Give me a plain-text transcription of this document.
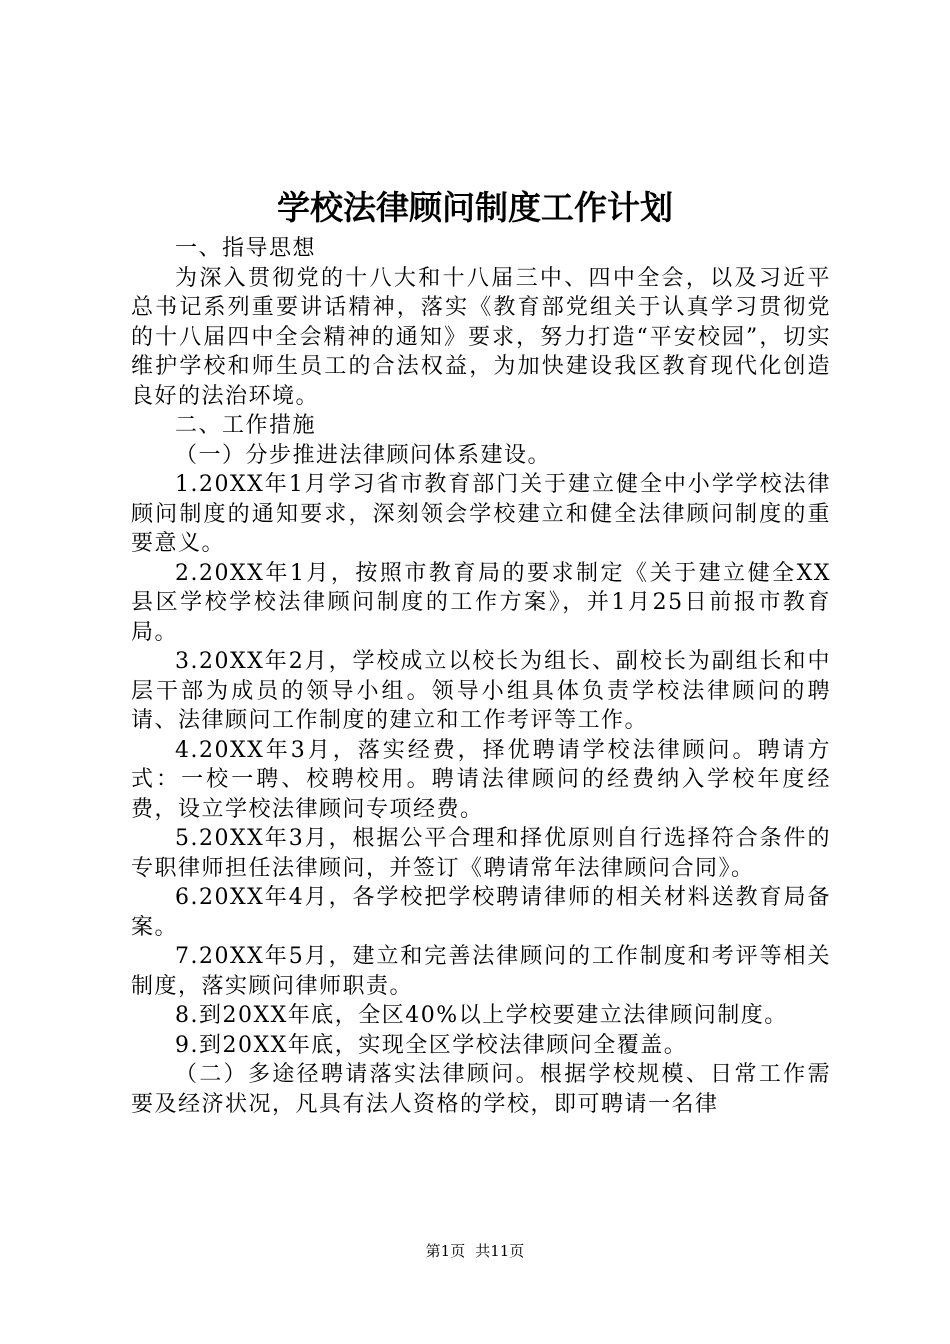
学校法律顾问制度工作计划

一、指导思想

为深入贯彻党的十八大和十八届三中、四中全会，以及习近平总书记系列重要讲话精神，落实《教育部党组关于认真学习贯彻党的十八届四中全会精神的通知》要求，努力打造“平安校园”，切实维护学校和师生员工的合法权益，为加快建设我区教育现代化创造良好的法治环境。

二、工作措施

（一）分步推进法律顾问体系建设。

1.20XX年1月学习省市教育部门关于建立健全中小学学校法律顾问制度的通知要求，深刻领会学校建立和健全法律顾问制度的重要意义。

2.20XX年1月，按照市教育局的要求制定《关于建立健全XX县区学校学校法律顾问制度的工作方案》，并1月25日前报市教育局。

3.20XX年2月，学校成立以校长为组长、副校长为副组长和中层干部为成员的领导小组。领导小组具体负责学校法律顾问的聘请、法律顾问工作制度的建立和工作考评等工作。

4.20XX年3月，落实经费，择优聘请学校法律顾问。聘请方式：一校一聘、校聘校用。聘请法律顾问的经费纳入学校年度经费，设立学校法律顾问专项经费。

5.20XX年3月，根据公平合理和择优原则自行选择符合条件的专职律师担任法律顾问，并签订《聘请常年法律顾问合同》。

6.20XX年4月，各学校把学校聘请律师的相关材料送教育局备案。

7.20XX年5月，建立和完善法律顾问的工作制度和考评等相关制度，落实顾问律师职责。

8.到20XX年底，全区40%以上学校要建立法律顾问制度。

9.到20XX年底，实现全区学校法律顾问全覆盖。

（二）多途径聘请落实法律顾问。根据学校规模、日常工作需要及经济状况，凡具有法人资格的学校，即可聘请一名律

第1页 共11页
